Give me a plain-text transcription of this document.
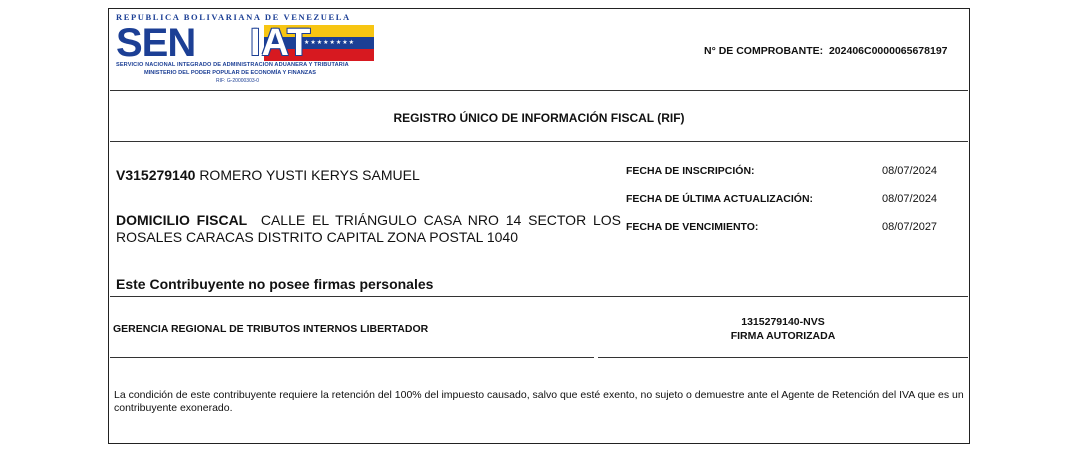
REPUBLICA BOLIVARIANA DE VENEZUELA
SEN	★★★★★★★★
IAT
SERVICIO NACIONAL INTEGRADO DE ADMINISTRACION ADUANERA Y TRIBUTARIA
MINISTERIO DEL PODER POPULAR DE ECONOMÍA Y FINANZAS
RIF: G-20000303-0
N° DE COMPROBANTE: 202406C0000065678197
REGISTRO ÚNICO DE INFORMACIÓN FISCAL (RIF)
V315279140 ROMERO YUSTI KERYS SAMUEL
DOMICILIO FISCAL CALLE EL TRIÁNGULO CASA NRO 14 SECTOR LOS ROSALES CARACAS DISTRITO CAPITAL ZONA POSTAL 1040
FECHA DE INSCRIPCIÓN:	08/07/2024
FECHA DE ÚLTIMA ACTUALIZACIÓN:	08/07/2024
FECHA DE VENCIMIENTO:	08/07/2027
Este Contribuyente no posee firmas personales
GERENCIA REGIONAL DE TRIBUTOS INTERNOS LIBERTADOR
1315279140-NVS
FIRMA AUTORIZADA
La condición de este contribuyente requiere la retención del 100% del impuesto causado, salvo que esté exento, no sujeto o demuestre ante el Agente de Retención del IVA que es un contribuyente exonerado.
